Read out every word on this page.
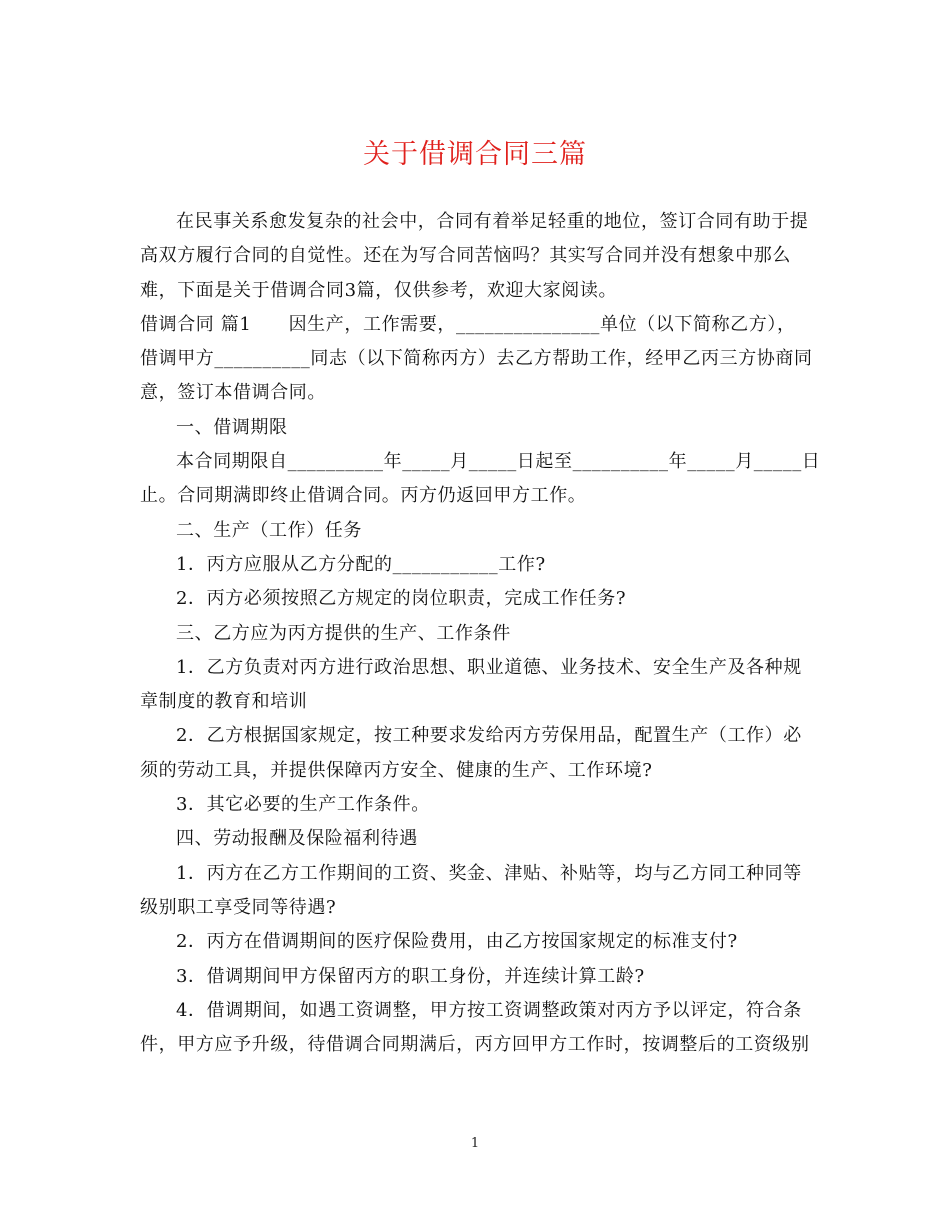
关于借调合同三篇
在民事关系愈发复杂的社会中，合同有着举足轻重的地位，签订合同有助于提
高双方履行合同的自觉性。还在为写合同苦恼吗？其实写合同并没有想象中那么
难，下面是关于借调合同3篇，仅供参考，欢迎大家阅读。
借调合同 篇1　　因生产，工作需要，_______________单位（以下简称乙方），
借调甲方__________同志（以下简称丙方）去乙方帮助工作，经甲乙丙三方协商同
意，签订本借调合同。
一、借调期限
本合同期限自__________年_____月_____日起至__________年_____月_____日
止。合同期满即终止借调合同。丙方仍返回甲方工作。
二、生产（工作）任务
1．丙方应服从乙方分配的___________工作?
2．丙方必须按照乙方规定的岗位职责，完成工作任务?
三、乙方应为丙方提供的生产、工作条件
1．乙方负责对丙方进行政治思想、职业道德、业务技术、安全生产及各种规
章制度的教育和培训
2．乙方根据国家规定，按工种要求发给丙方劳保用品，配置生产（工作）必
须的劳动工具，并提供保障丙方安全、健康的生产、工作环境?
3．其它必要的生产工作条件。
四、劳动报酬及保险福利待遇
1．丙方在乙方工作期间的工资、奖金、津贴、补贴等，均与乙方同工种同等
级别职工享受同等待遇?
2．丙方在借调期间的医疗保险费用，由乙方按国家规定的标准支付?
3．借调期间甲方保留丙方的职工身份，并连续计算工龄?
4．借调期间，如遇工资调整，甲方按工资调整政策对丙方予以评定，符合条
件，甲方应予升级，待借调合同期满后，丙方回甲方工作时，按调整后的工资级别
1
